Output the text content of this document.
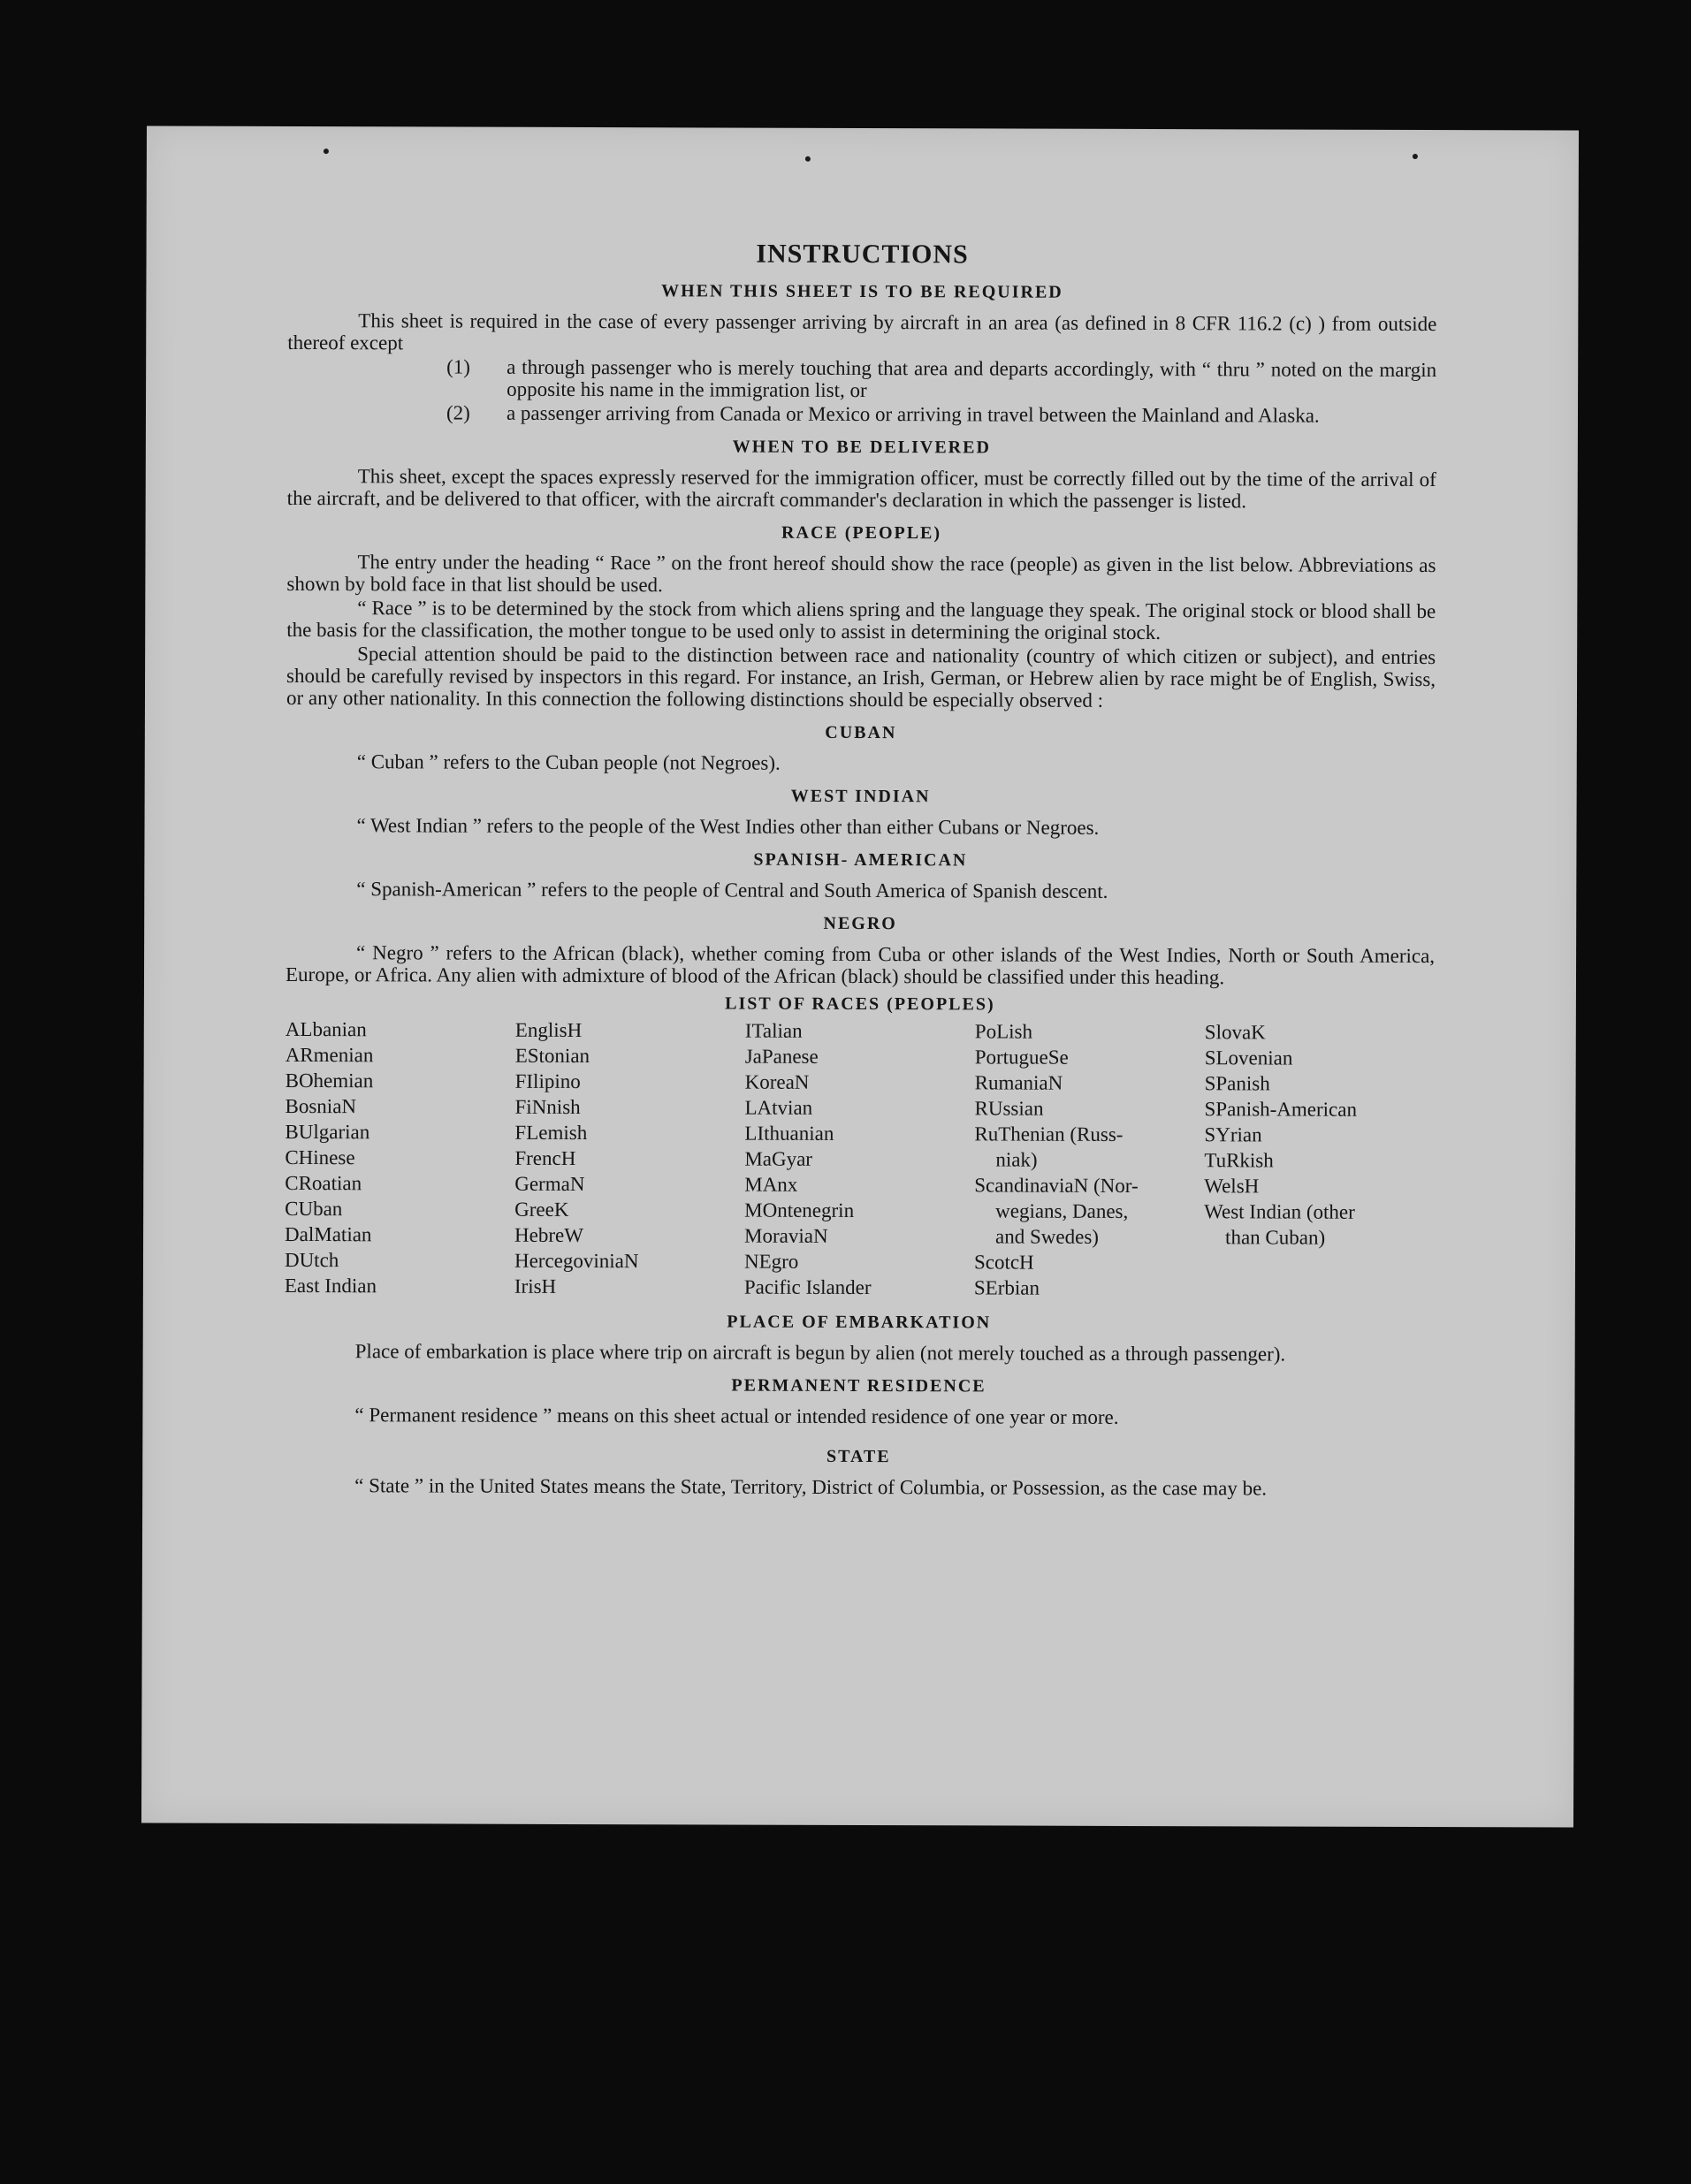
INSTRUCTIONS
WHEN THIS SHEET IS TO BE REQUIRED

This sheet is required in the case of every passenger arriving by aircraft in an area (as defined in 8 CFR 116.2 (c) ) from outside thereof except

(1)	a through passenger who is merely touching that area and departs accordingly, with “ thru ” noted on the margin opposite his name in the immigration list, or
(2)	a passenger arriving from Canada or Mexico or arriving in travel between the Mainland and Alaska.
WHEN TO BE DELIVERED

This sheet, except the spaces expressly reserved for the immigration officer, must be correctly filled out by the time of the arrival of the aircraft, and be delivered to that officer, with the aircraft commander's declaration in which the passenger is listed.

RACE (PEOPLE)

The entry under the heading “ Race ” on the front hereof should show the race (people) as given in the list below. Abbreviations as shown by bold face in that list should be used.

“ Race ” is to be determined by the stock from which aliens spring and the language they speak. The original stock or blood shall be the basis for the classification, the mother tongue to be used only to assist in determining the original stock.

Special attention should be paid to the distinction between race and nationality (country of which citizen or subject), and entries should be carefully revised by inspectors in this regard. For instance, an Irish, German, or Hebrew alien by race might be of English, Swiss, or any other nationality. In this connection the following distinctions should be especially observed :

CUBAN

“ Cuban ” refers to the Cuban people (not Negroes).

WEST INDIAN

“ West Indian ” refers to the people of the West Indies other than either Cubans or Negroes.

SPANISH- AMERICAN

“ Spanish-American ” refers to the people of Central and South America of Spanish descent.

NEGRO

“ Negro ” refers to the African (black), whether coming from Cuba or other islands of the West Indies, North or South America, Europe, or Africa. Any alien with admixture of blood of the African (black) should be classified under this heading.

LIST OF RACES (PEOPLES)
ALbanian
ARmenian
BOhemian
BosniaN
BUlgarian
CHinese
CRoatian
CUban
DalMatian
DUtch
East Indian
EnglisH
EStonian
FIlipino
FiNnish
FLemish
FrencH
GermaN
GreeK
HebreW
HercegoviniaN
IrisH
ITalian
JaPanese
KoreaN
LAtvian
LIthuanian
MaGyar
MAnx
MOntenegrin
MoraviaN
NEgro
Pacific Islander
PoLish
PortugueSe
RumaniaN
RUssian
RuThenian (Russ-
niak)
ScandinaviaN (Nor-
wegians, Danes,
and Swedes)
ScotcH
SErbian
SlovaK
SLovenian
SPanish
SPanish-American
SYrian
TuRkish
WelsH
West Indian (other
than Cuban)
PLACE OF EMBARKATION

Place of embarkation is place where trip on aircraft is begun by alien (not merely touched as a through passenger).

PERMANENT RESIDENCE

“ Permanent residence ” means on this sheet actual or intended residence of one year or more.

STATE

“ State ” in the United States means the State, Territory, District of Columbia, or Possession, as the case may be.
